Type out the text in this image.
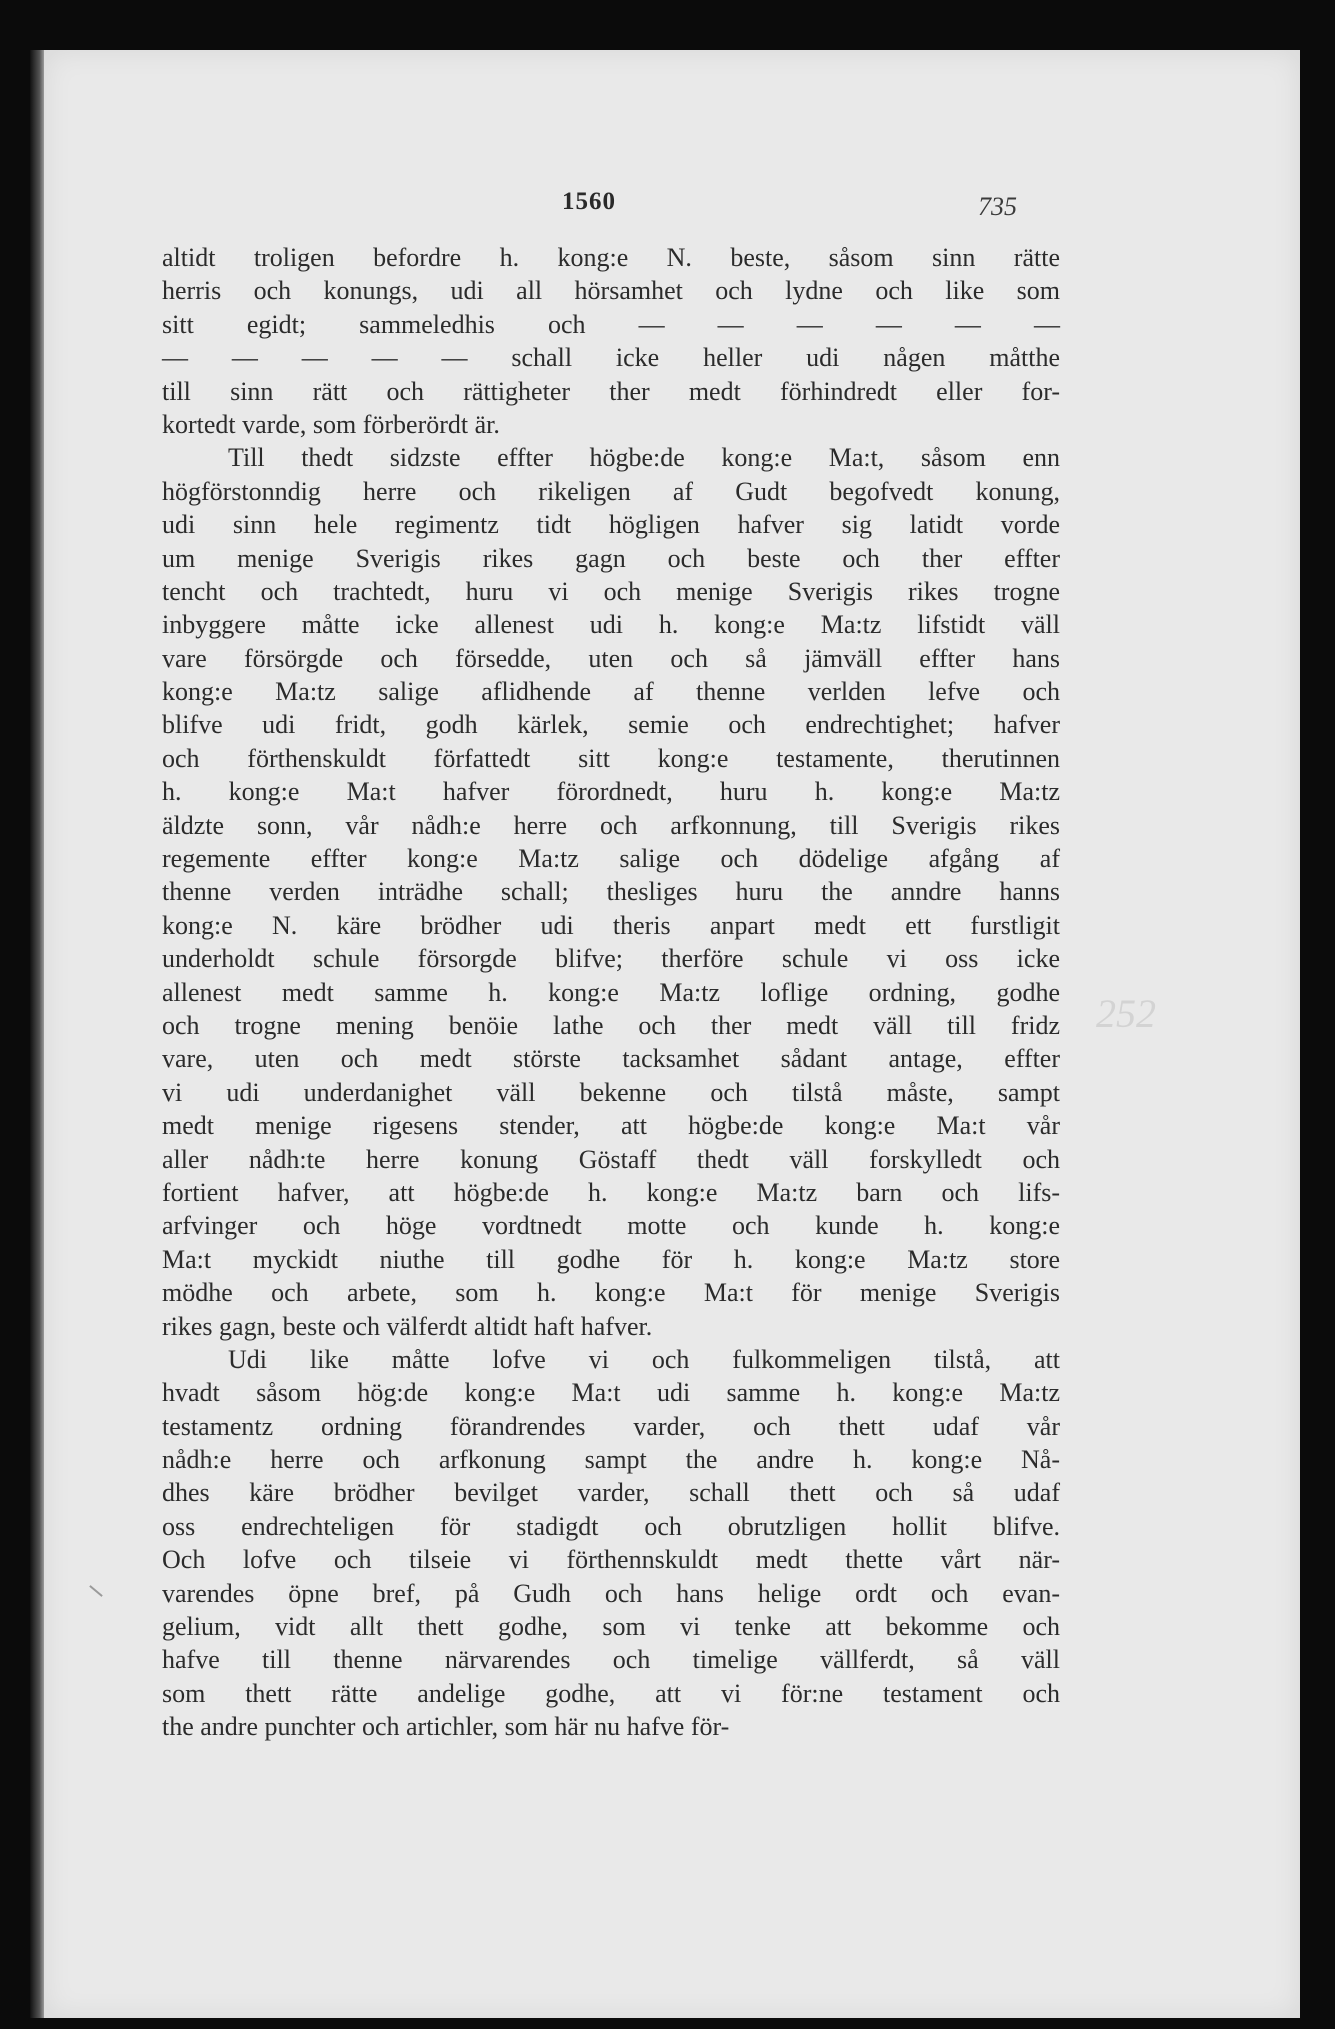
1560	735
252
altidt troligen befordre h. kong:e N. beste, såsom sinn rätte
herris och konungs, udi all hörsamhet och lydne och like som
sitt egidt; sammeledhis och — — — — — —
— — — — — schall icke heller udi någen måtthe
till sinn rätt och rättigheter ther medt förhindredt eller for-
kortedt varde, som förberördt är.
Till thedt sidzste effter högbe:de kong:e Ma:t, såsom enn
högförstonndig herre och rikeligen af Gudt begofvedt konung,
udi sinn hele regimentz tidt högligen hafver sig latidt vorde
um menige Sverigis rikes gagn och beste och ther effter
tencht och trachtedt, huru vi och menige Sverigis rikes trogne
inbyggere måtte icke allenest udi h. kong:e Ma:tz lifstidt väll
vare försörgde och försedde, uten och så jämväll effter hans
kong:e Ma:tz salige aflidhende af thenne verlden lefve och
blifve udi fridt, godh kärlek, semie och endrechtighet; hafver
och förthenskuldt författedt sitt kong:e testamente, therutinnen
h. kong:e Ma:t hafver förordnedt, huru h. kong:e Ma:tz
äldzte sonn, vår nådh:e herre och arfkonnung, till Sverigis rikes
regemente effter kong:e Ma:tz salige och dödelige afgång af
thenne verden inträdhe schall; thesliges huru the anndre hanns
kong:e N. käre brödher udi theris anpart medt ett furstligit
underholdt schule försorgde blifve; therföre schule vi oss icke
allenest medt samme h. kong:e Ma:tz loflige ordning, godhe
och trogne mening benöie lathe och ther medt väll till fridz
vare, uten och medt störste tacksamhet sådant antage, effter
vi udi underdanighet väll bekenne och tilstå måste, sampt
medt menige rigesens stender, att högbe:de kong:e Ma:t vår
aller nådh:te herre konung Göstaff thedt väll forskylledt och
fortient hafver, att högbe:de h. kong:e Ma:tz barn och lifs-
arfvinger och höge vordtnedt motte och kunde h. kong:e
Ma:t myckidt niuthe till godhe för h. kong:e Ma:tz store
mödhe och arbete, som h. kong:e Ma:t för menige Sverigis
rikes gagn, beste och välferdt altidt haft hafver.
Udi like måtte lofve vi och fulkommeligen tilstå, att
hvadt såsom hög:de kong:e Ma:t udi samme h. kong:e Ma:tz
testamentz ordning förandrendes varder, och thett udaf vår
nådh:e herre och arfkonung sampt the andre h. kong:e Nå-
dhes käre brödher bevilget varder, schall thett och så udaf
oss endrechteligen för stadigdt och obrutzligen hollit blifve.
Och lofve och tilseie vi förthennskuldt medt thette vårt när-
varendes öpne bref, på Gudh och hans helige ordt och evan-
gelium, vidt allt thett godhe, som vi tenke att bekomme och
hafve till thenne närvarendes och timelige vällferdt, så väll
som thett rätte andelige godhe, att vi för:ne testament och
the andre punchter och artichler, som här nu hafve för-
